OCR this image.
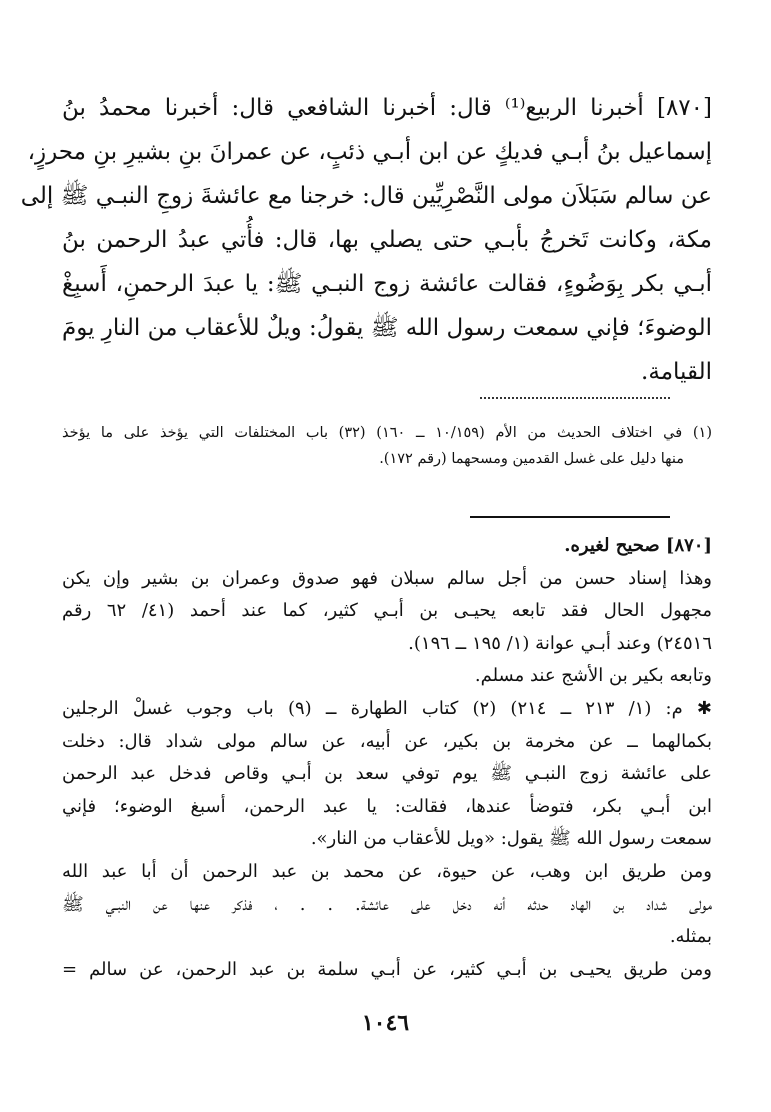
[٨٧٠] أخبرنا الربيع⁽¹⁾ قال: أخبرنا الشافعي قال: أخبرنا محمدُ بنُ
إسماعيل بنُ أبـي فديكٍ عن ابن أبـي ذئبٍ، عن عمرانَ بنِ بشيرِ بنِ محرزٍ،
عن سالم سَبَلاَن مولى النَّصْرِيِّين قال: خرجنا مع عائشةَ زوجِ النبـي ﷺ إلى
مكة، وكانت تَخرجُ بأبـي حتى يصلي بها، قال: فأُتي عبدُ الرحمن بنُ
أبـي بكر بِوَضُوءٍ، فقالت عائشة زوج النبـي ﷺ: يا عبدَ الرحمنِ، أَسبِغْ
الوضوءَ؛ فإني سمعت رسول الله ﷺ يقولُ: ويلٌ للأعقاب من النارِ يومَ
القيامة.
(١) في اختلاف الحديث من الأم (١٠/١٥٩ ــ ١٦٠) (٣٢) باب المختلفات التي يؤخذ على ما يؤخذ
منها دليل على غسل القدمين ومسحهما (رقم ١٧٢).
[٨٧٠] صحيح لغيره.
وهذا إسناد حسن من أجل سالم سبلان فهو صدوق وعمران بن بشير وإن يكن
مجهول الحال فقد تابعه يحيـى بن أبـي كثير، كما عند أحمد (٤١/ ٦٢ رقم
٢٤٥١٦) وعند أبـي عوانة (١/ ١٩٥ ــ ١٩٦).
وتابعه بكير بن الأشج عند مسلم.
✱ م: (١/ ٢١٣ ــ ٢١٤) (٢) كتاب الطهارة ــ (٩) باب وجوب غسلْ الرجلين
بكمالهما ــ عن مخرمة بن بكير، عن أبيه، عن سالم مولى شداد قال: دخلت
على عائشة زوج النبـي ﷺ يوم توفي سعد بن أبـي وقاص فدخل عبد الرحمن
ابن أبـي بكر، فتوضأ عندها، فقالت: يا عبد الرحمن، أسبغ الوضوء؛ فإني
سمعت رسول الله ﷺ يقول: «ويل للأعقاب من النار».
ومن طريق ابن وهب، عن حيوة، عن محمد بن عبد الرحمن أن أبا عبد الله
مولى شداد بن الهاد حدثه أنه دخل على عائشة. . . ، فذكر عنها عن النبـي ﷺ
بمثله.
ومن طريق يحيـى بن أبـي كثير، عن أبـي سلمة بن عبد الرحمن، عن سالم =
١٠٤٦
